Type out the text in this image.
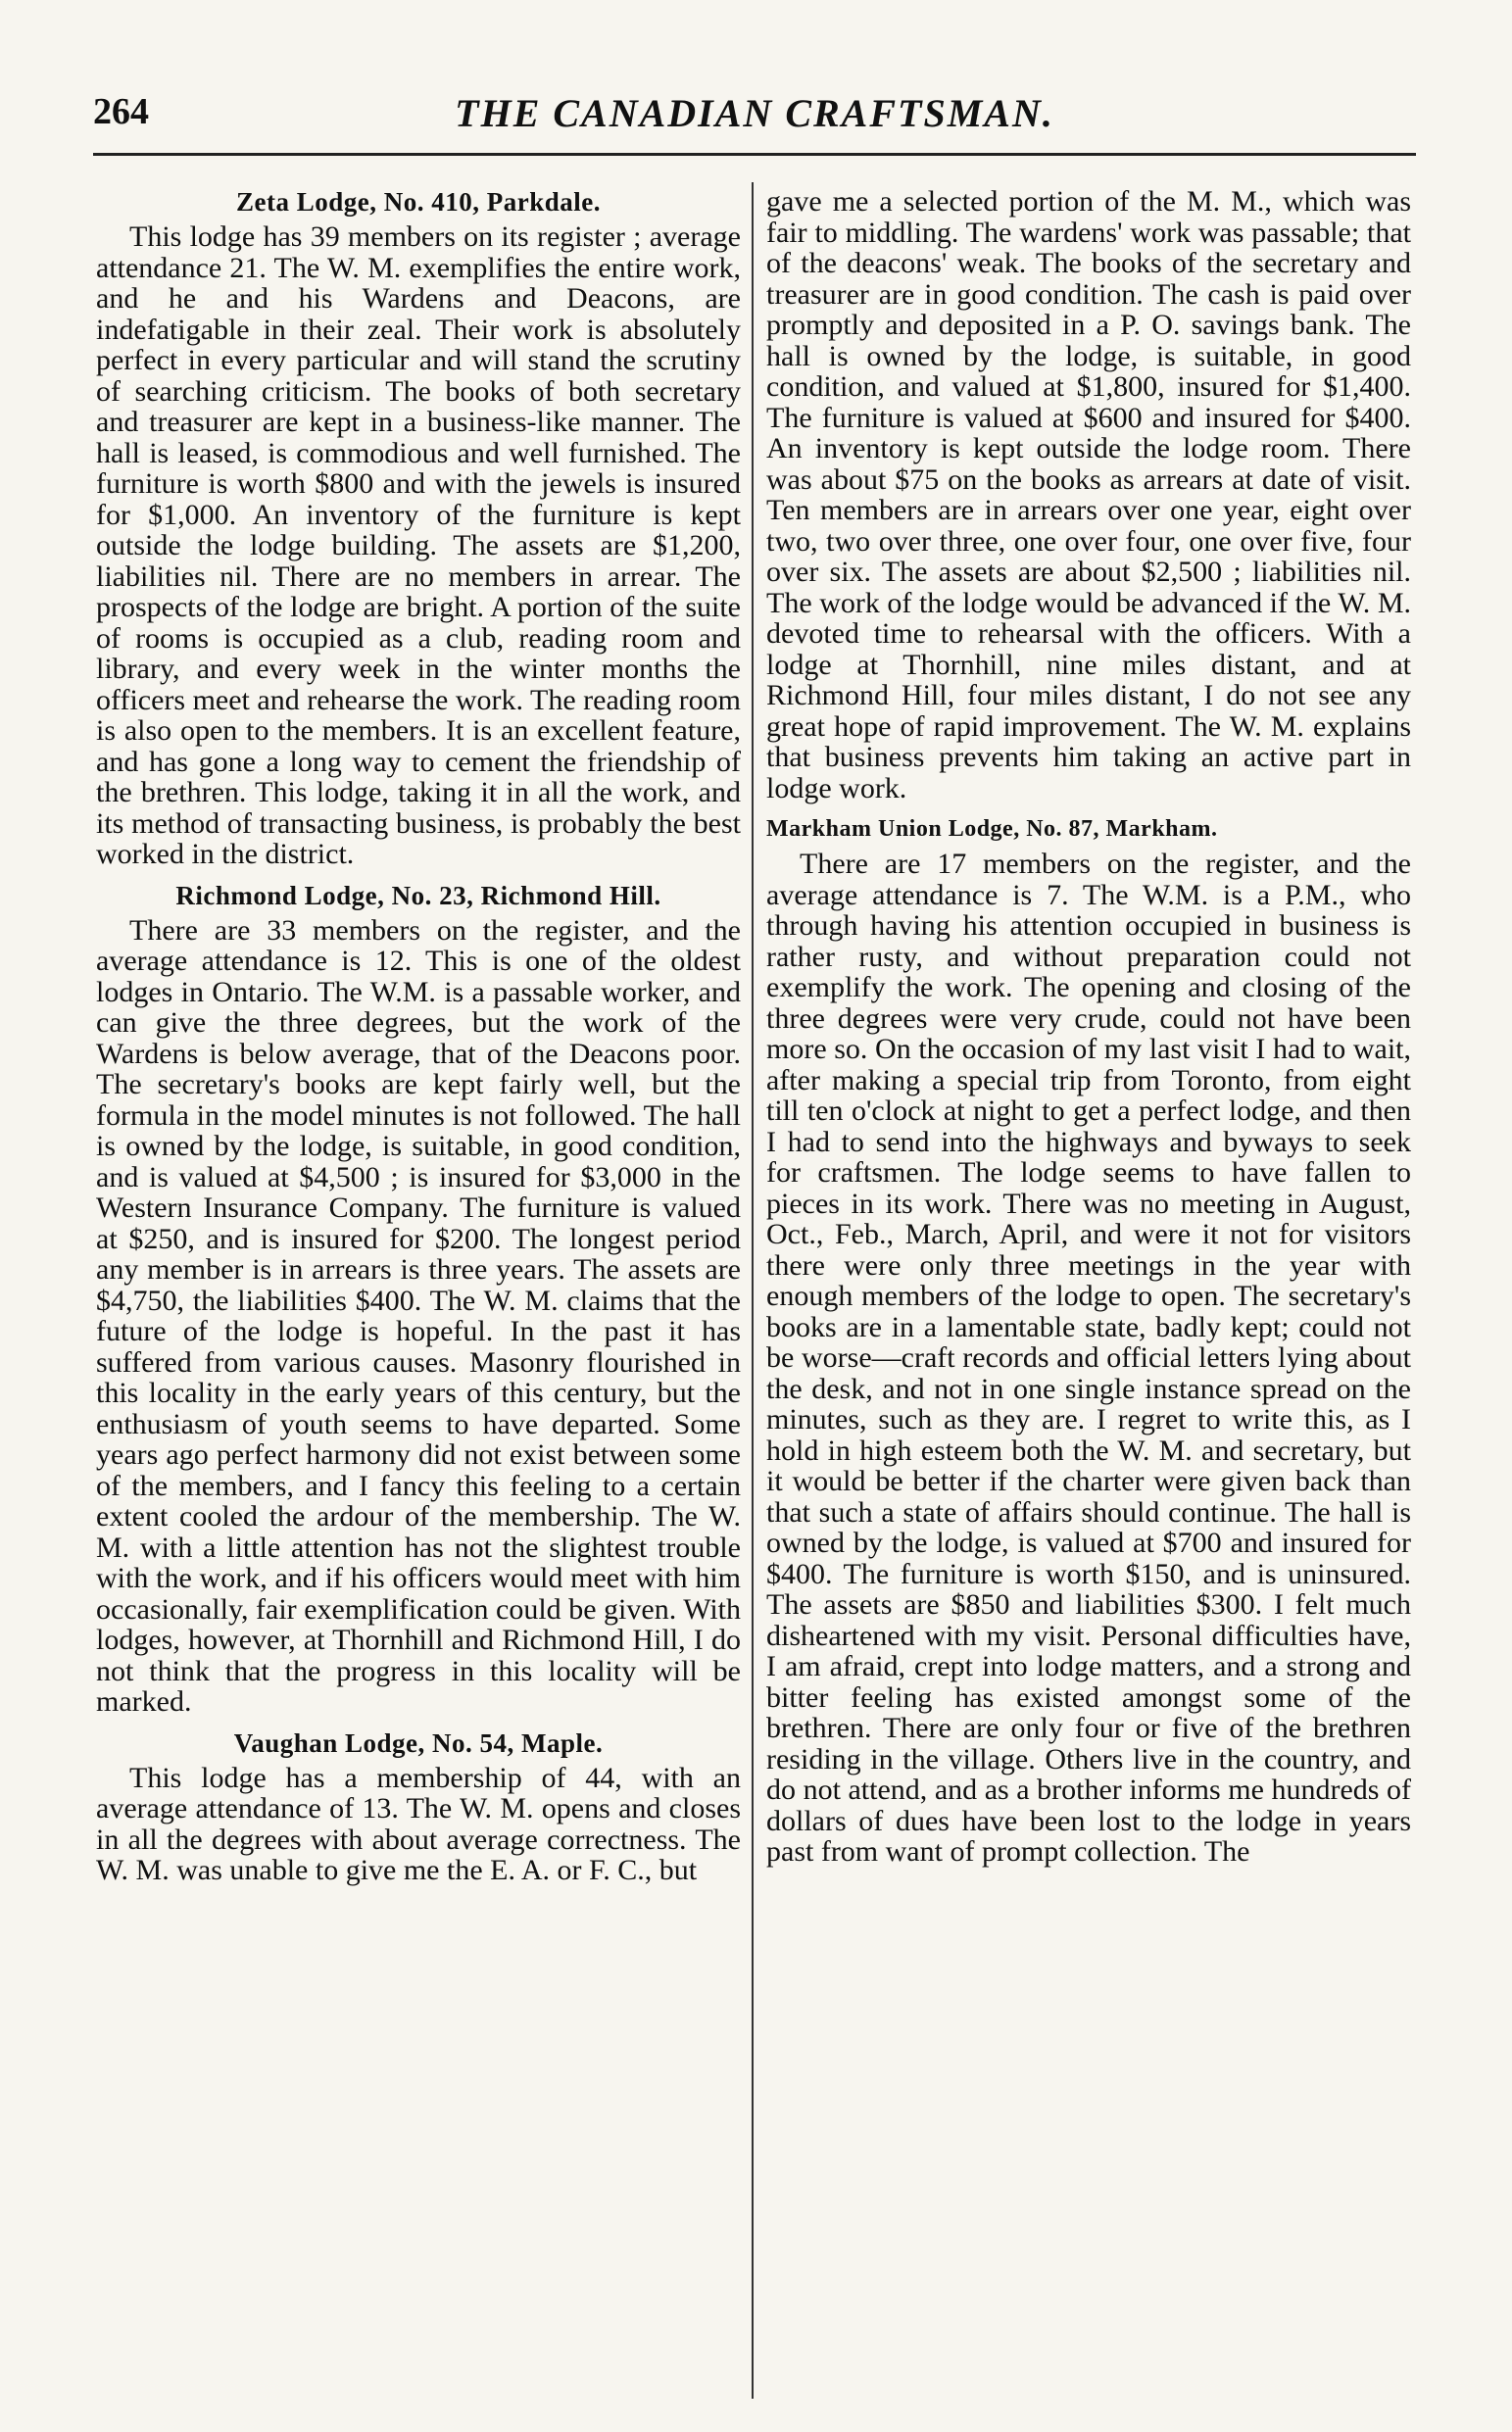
264	THE CANADIAN CRAFTSMAN.
Zeta Lodge, No. 410, Parkdale.

This lodge has 39 members on its register ; average attendance 21. The W. M. exemplifies the entire work, and he and his Wardens and Deacons, are indefatigable in their zeal. Their work is absolutely perfect in every particular and will stand the scrutiny of searching criticism. The books of both secretary and treasurer are kept in a business-like manner. The hall is leased, is commodious and well furnished. The furniture is worth $800 and with the jewels is insured for $1,000. An inventory of the furniture is kept outside the lodge building. The assets are $1,200, liabilities nil. There are no members in arrear. The prospects of the lodge are bright. A portion of the suite of rooms is occupied as a club, reading room and library, and every week in the winter months the officers meet and rehearse the work. The reading room is also open to the members. It is an excellent feature, and has gone a long way to cement the friendship of the brethren. This lodge, taking it in all the work, and its method of transacting business, is probably the best worked in the district.

Richmond Lodge, No. 23, Richmond Hill.

There are 33 members on the register, and the average attendance is 12. This is one of the oldest lodges in Ontario. The W.M. is a passable worker, and can give the three degrees, but the work of the Wardens is below average, that of the Deacons poor. The secretary's books are kept fairly well, but the formula in the model minutes is not followed. The hall is owned by the lodge, is suitable, in good condition, and is valued at $4,500 ; is insured for $3,000 in the Western Insurance Company. The furniture is valued at $250, and is insured for $200. The longest period any member is in arrears is three years. The assets are $4,750, the liabilities $400. The W. M. claims that the future of the lodge is hopeful. In the past it has suffered from various causes. Masonry flourished in this locality in the early years of this century, but the enthusiasm of youth seems to have departed. Some years ago perfect harmony did not exist between some of the members, and I fancy this feeling to a certain extent cooled the ardour of the membership. The W. M. with a little attention has not the slightest trouble with the work, and if his officers would meet with him occasionally, fair exemplification could be given. With lodges, however, at Thornhill and Richmond Hill, I do not think that the progress in this locality will be marked.

Vaughan Lodge, No. 54, Maple.

This lodge has a membership of 44, with an average attendance of 13. The W. M. opens and closes in all the degrees with about average correctness. The W. M. was unable to give me the E. A. or F. C., but

gave me a selected portion of the M. M., which was fair to middling. The wardens' work was passable; that of the deacons' weak. The books of the secretary and treasurer are in good condition. The cash is paid over promptly and deposited in a P. O. savings bank. The hall is owned by the lodge, is suitable, in good condition, and valued at $1,800, insured for $1,400. The furniture is valued at $600 and insured for $400. An inventory is kept outside the lodge room. There was about $75 on the books as arrears at date of visit. Ten members are in arrears over one year, eight over two, two over three, one over four, one over five, four over six. The assets are about $2,500 ; liabilities nil. The work of the lodge would be advanced if the W. M. devoted time to rehearsal with the officers. With a lodge at Thornhill, nine miles distant, and at Richmond Hill, four miles distant, I do not see any great hope of rapid improvement. The W. M. explains that business prevents him taking an active part in lodge work.

Markham Union Lodge, No. 87, Markham.

There are 17 members on the register, and the average attendance is 7. The W.M. is a P.M., who through having his attention occupied in business is rather rusty, and without preparation could not exemplify the work. The opening and closing of the three degrees were very crude, could not have been more so. On the occasion of my last visit I had to wait, after making a special trip from Toronto, from eight till ten o'clock at night to get a perfect lodge, and then I had to send into the highways and byways to seek for craftsmen. The lodge seems to have fallen to pieces in its work. There was no meeting in August, Oct., Feb., March, April, and were it not for visitors there were only three meetings in the year with enough members of the lodge to open. The secretary's books are in a lamentable state, badly kept; could not be worse—craft records and official letters lying about the desk, and not in one single instance spread on the minutes, such as they are. I regret to write this, as I hold in high esteem both the W. M. and secretary, but it would be better if the charter were given back than that such a state of affairs should continue. The hall is owned by the lodge, is valued at $700 and insured for $400. The furniture is worth $150, and is uninsured. The assets are $850 and liabilities $300. I felt much disheartened with my visit. Personal difficulties have, I am afraid, crept into lodge matters, and a strong and bitter feeling has existed amongst some of the brethren. There are only four or five of the brethren residing in the village. Others live in the country, and do not attend, and as a brother informs me hundreds of dollars of dues have been lost to the lodge in years past from want of prompt collection. The
